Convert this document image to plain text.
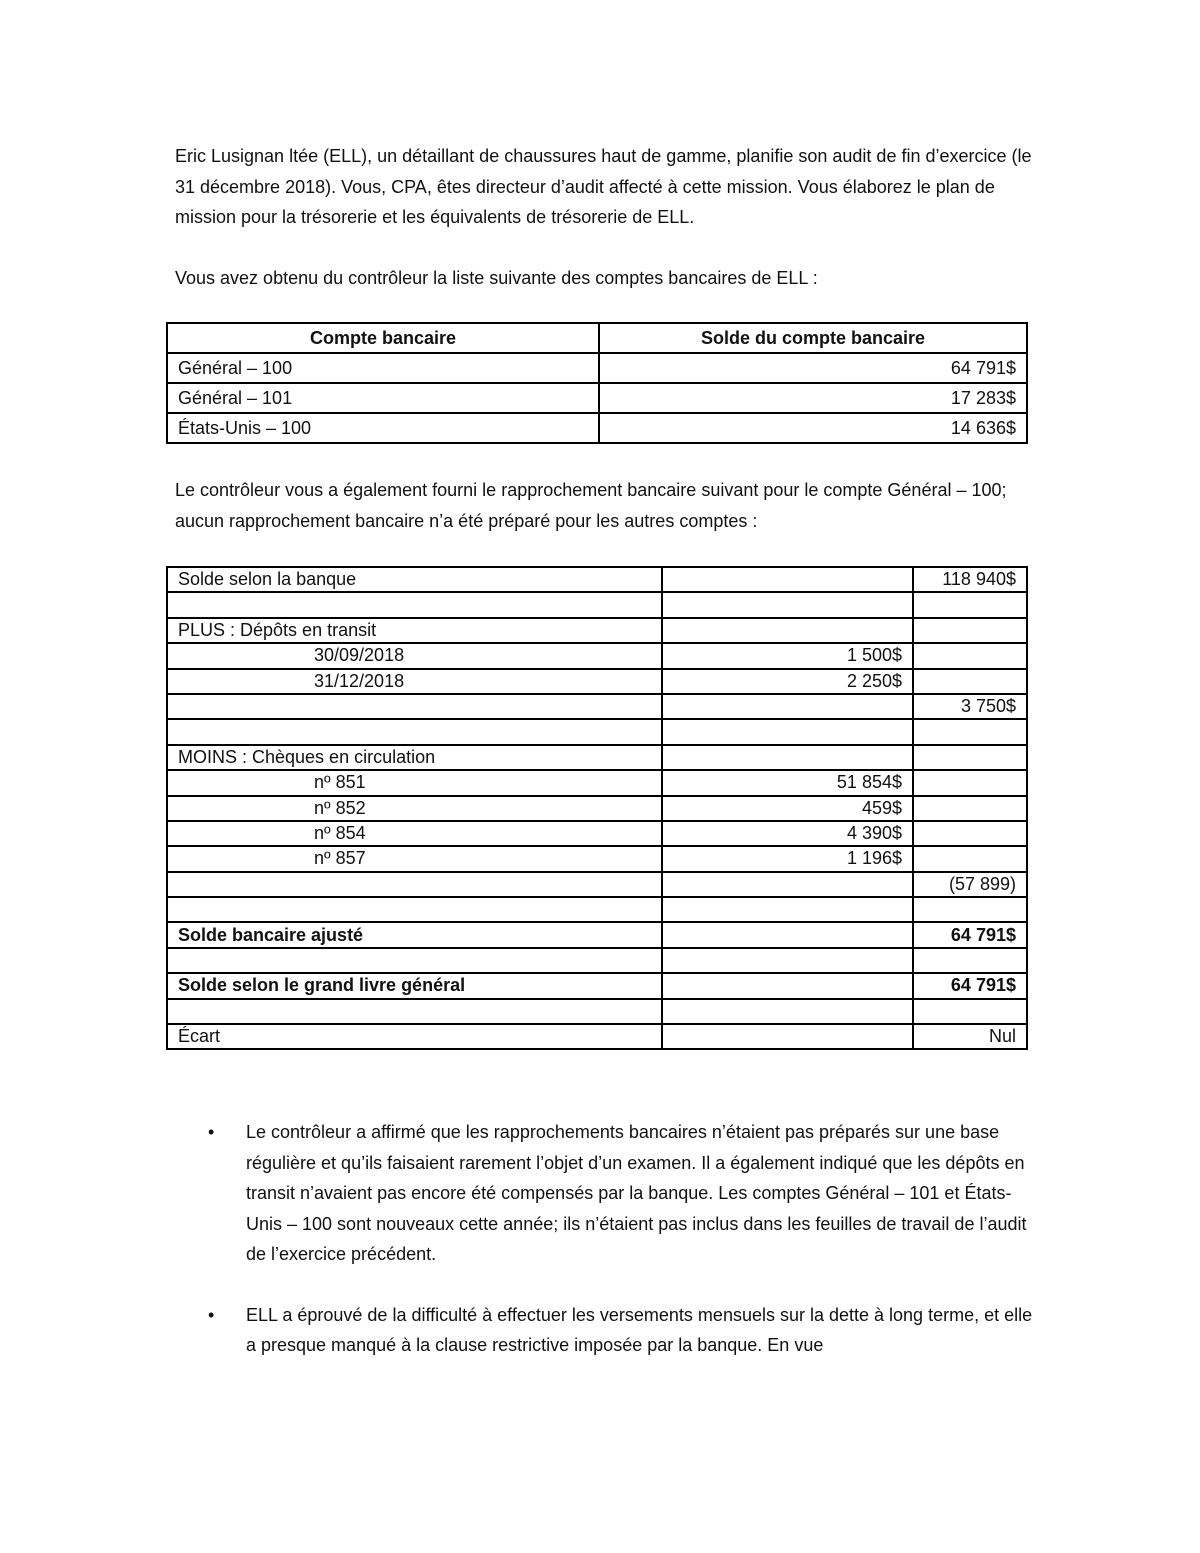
Eric Lusignan ltée (ELL), un détaillant de chaussures haut de gamme, planifie son audit de fin d’exercice (le 31 décembre 2018). Vous, CPA, êtes directeur d’audit affecté à cette mission. Vous élaborez le plan de mission pour la trésorerie et les équivalents de trésorerie de ELL.

Vous avez obtenu du contrôleur la liste suivante des comptes bancaires de ELL :

Compte bancaire	Solde du compte bancaire
Général – 100	64 791$
Général – 101	17 283$
États-Unis – 100	14 636$

Le contrôleur vous a également fourni le rapprochement bancaire suivant pour le compte Général – 100; aucun rapprochement bancaire n’a été préparé pour les autres comptes :

Solde selon la banque		118 940$

PLUS : Dépôts en transit		
30/09/2018	1 500$	
31/12/2018	2 250$	
		3 750$

MOINS : Chèques en circulation		
nº 851	51 854$	
nº 852	459$	
nº 854	4 390$	
nº 857	1 196$	
		(57 899)

Solde bancaire ajusté		64 791$

Solde selon le grand livre général		64 791$

Écart		Nul
• Le contrôleur a affirmé que les rapprochements bancaires n’étaient pas préparés sur une base régulière et qu’ils faisaient rarement l’objet d’un examen. Il a également indiqué que les dépôts en transit n’avaient pas encore été compensés par la banque. Les comptes Général – 101 et États-Unis – 100 sont nouveaux cette année; ils n’étaient pas inclus dans les feuilles de travail de l’audit de l’exercice précédent.
• ELL a éprouvé de la difficulté à effectuer les versements mensuels sur la dette à long terme, et elle a presque manqué à la clause restrictive imposée par la banque. En vue
